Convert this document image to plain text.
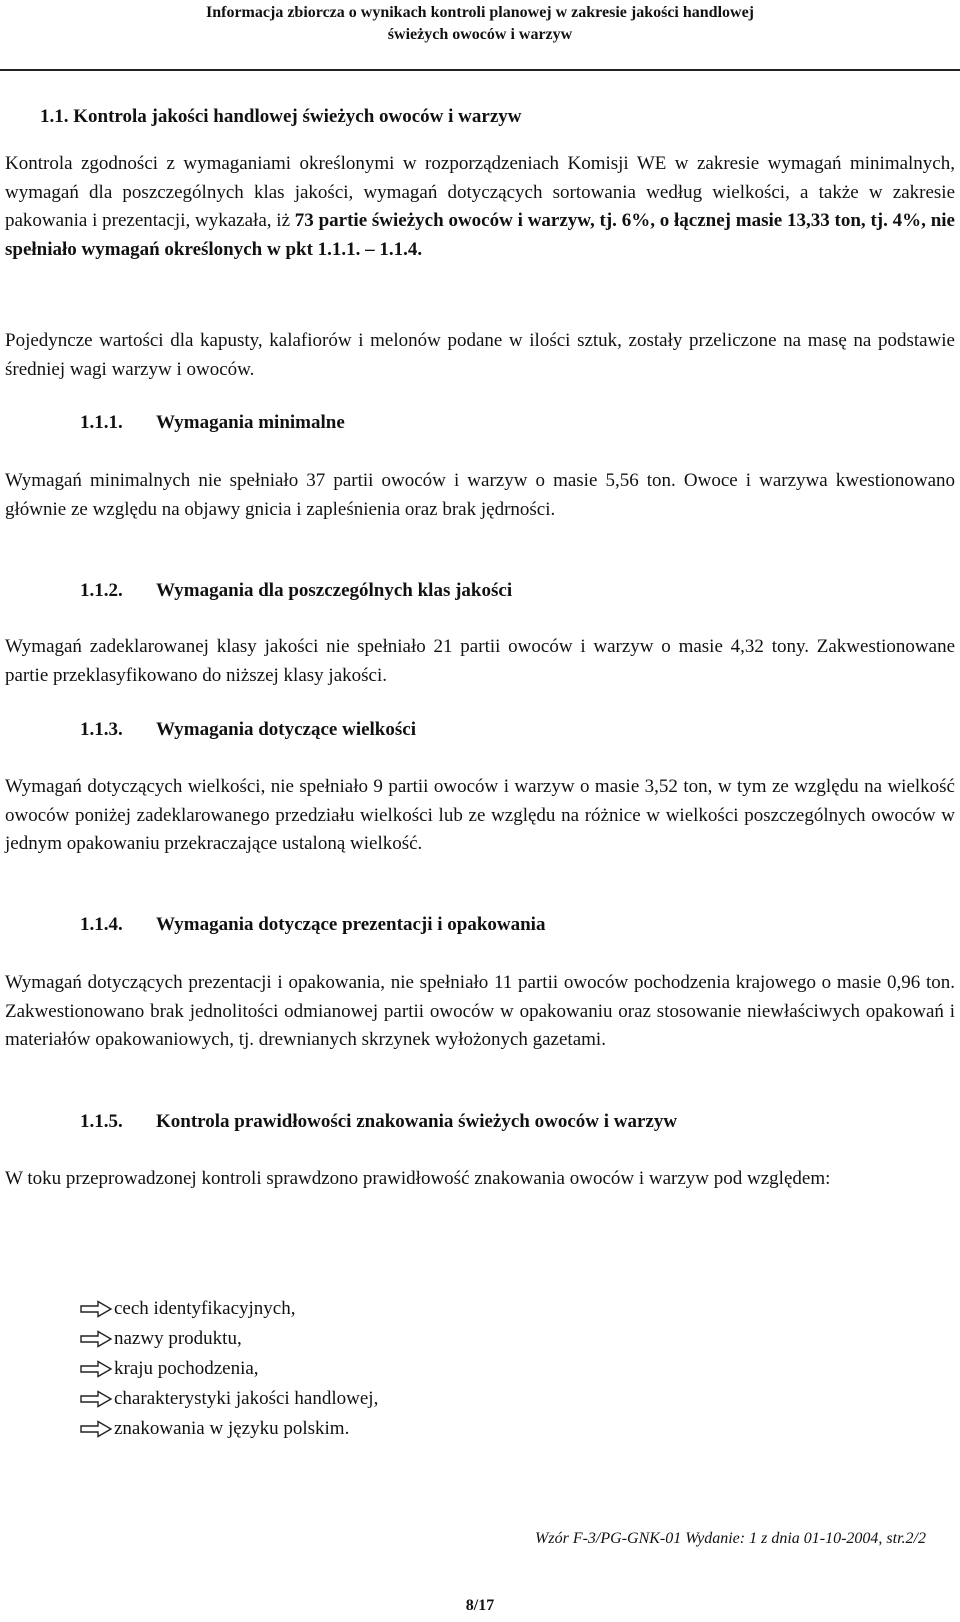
Informacja zbiorcza o wynikach kontroli planowej w zakresie jakości handlowej
świeżych owoców i warzyw
1.1. Kontrola jakości handlowej świeżych owoców i warzyw
Kontrola zgodności z wymaganiami określonymi w rozporządzeniach Komisji WE w zakresie wymagań minimalnych, wymagań dla poszczególnych klas jakości, wymagań dotyczących sortowania według wielkości, a także w zakresie pakowania i prezentacji, wykazała, iż 73 partie świeżych owoców i warzyw, tj. 6%, o łącznej masie 13,33 ton, tj. 4%, nie spełniało wymagań określonych w pkt 1.1.1. – 1.1.4.
Pojedyncze wartości dla kapusty, kalafiorów i melonów podane w ilości sztuk, zostały przeliczone na masę na podstawie średniej wagi warzyw i owoców.
1.1.1. Wymagania minimalne
Wymagań minimalnych nie spełniało 37 partii owoców i warzyw o masie 5,56 ton. Owoce i warzywa kwestionowano głównie ze względu na objawy gnicia i zapleśnienia oraz brak jędrności.
1.1.2. Wymagania dla poszczególnych klas jakości
Wymagań zadeklarowanej klasy jakości nie spełniało 21 partii owoców i warzyw o masie 4,32 tony. Zakwestionowane partie przeklasyfikowano do niższej klasy jakości.
1.1.3. Wymagania dotyczące wielkości
Wymagań dotyczących wielkości, nie spełniało 9 partii owoców i warzyw o masie 3,52 ton, w tym ze względu na wielkość owoców poniżej zadeklarowanego przedziału wielkości lub ze względu na różnice w wielkości poszczególnych owoców w jednym opakowaniu przekraczające ustaloną wielkość.
1.1.4. Wymagania dotyczące prezentacji i opakowania
Wymagań dotyczących prezentacji i opakowania, nie spełniało 11 partii owoców pochodzenia krajowego o masie 0,96 ton. Zakwestionowano brak jednolitości odmianowej partii owoców w opakowaniu oraz stosowanie niewłaściwych opakowań i materiałów opakowaniowych, tj. drewnianych skrzynek wyłożonych gazetami.
1.1.5. Kontrola prawidłowości znakowania świeżych owoców i warzyw
W toku przeprowadzonej kontroli sprawdzono prawidłowość znakowania owoców i warzyw pod względem:
cech identyfikacyjnych,
nazwy produktu,
kraju pochodzenia,
charakterystyki jakości handlowej,
znakowania w języku polskim.
Wzór F-3/PG-GNK-01 Wydanie: 1 z dnia 01-10-2004, str.2/2
8/17
